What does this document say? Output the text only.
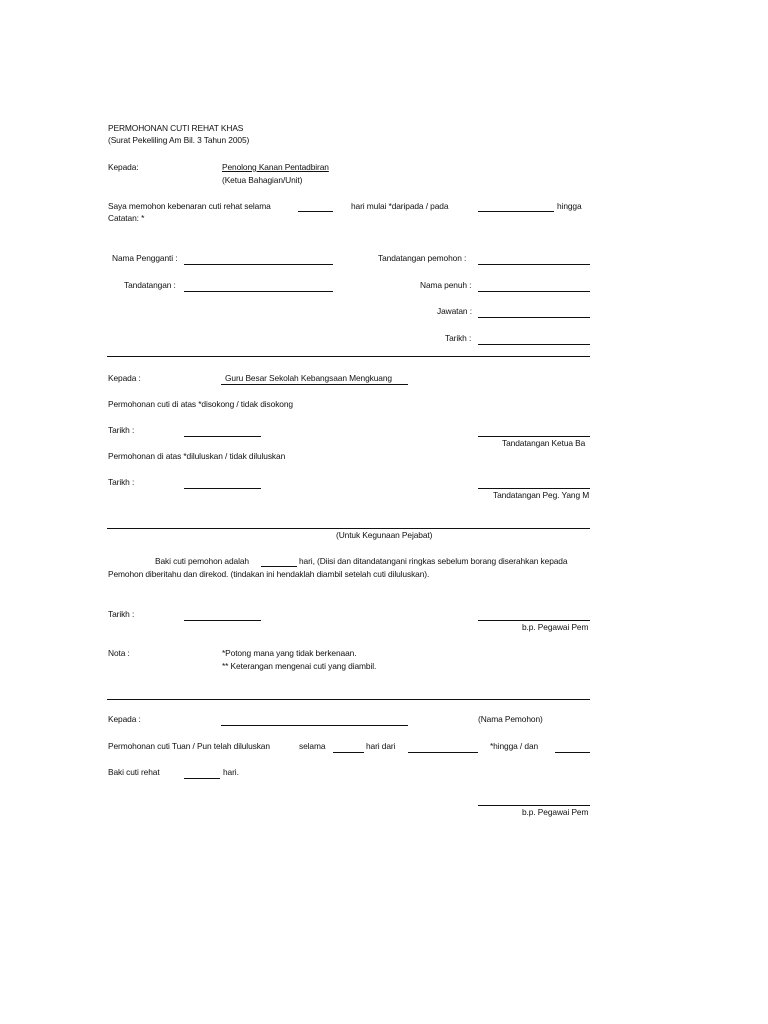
PERMOHONAN CUTI REHAT KHAS
(Surat Pekeliling Am Bil. 3 Tahun 2005)
Kepada:	Penolong Kanan Pentadbiran
(Ketua Bahagian/Unit)
Saya memohon kebenaran cuti rehat selama	hari mulai *daripada / pada	hingga
Catatan: *
Nama Pengganti :	Tandatangan pemohon :
Tandatangan :	Nama penuh :
Jawatan :
Tarikh :
Kepada :	Guru Besar Sekolah Kebangsaan Mengkuang
Permohonan cuti di atas *disokong / tidak disokong
Tarikh :
Tandatangan Ketua Ba
Permohonan di atas *diluluskan / tidak diluluskan
Tarikh :
Tandatangan Peg. Yang M
(Untuk Kegunaan Pejabat)
Baki cuti pemohon adalah	hari, (Diisi dan ditandatangani ringkas sebelum borang diserahkan kepada
Pemohon diberitahu dan direkod. (tindakan ini hendaklah diambil setelah cuti diluluskan).
Tarikh :
b.p. Pegawai Pem
Nota :	*Potong mana yang tidak berkenaan.
** Keterangan mengenai cuti yang diambil.
Kepada :	(Nama Pemohon)
Permohonan cuti Tuan / Pun telah diluluskan	selama	hari dari	*hingga / dan
Baki cuti rehat	hari.
b.p. Pegawai Pem
